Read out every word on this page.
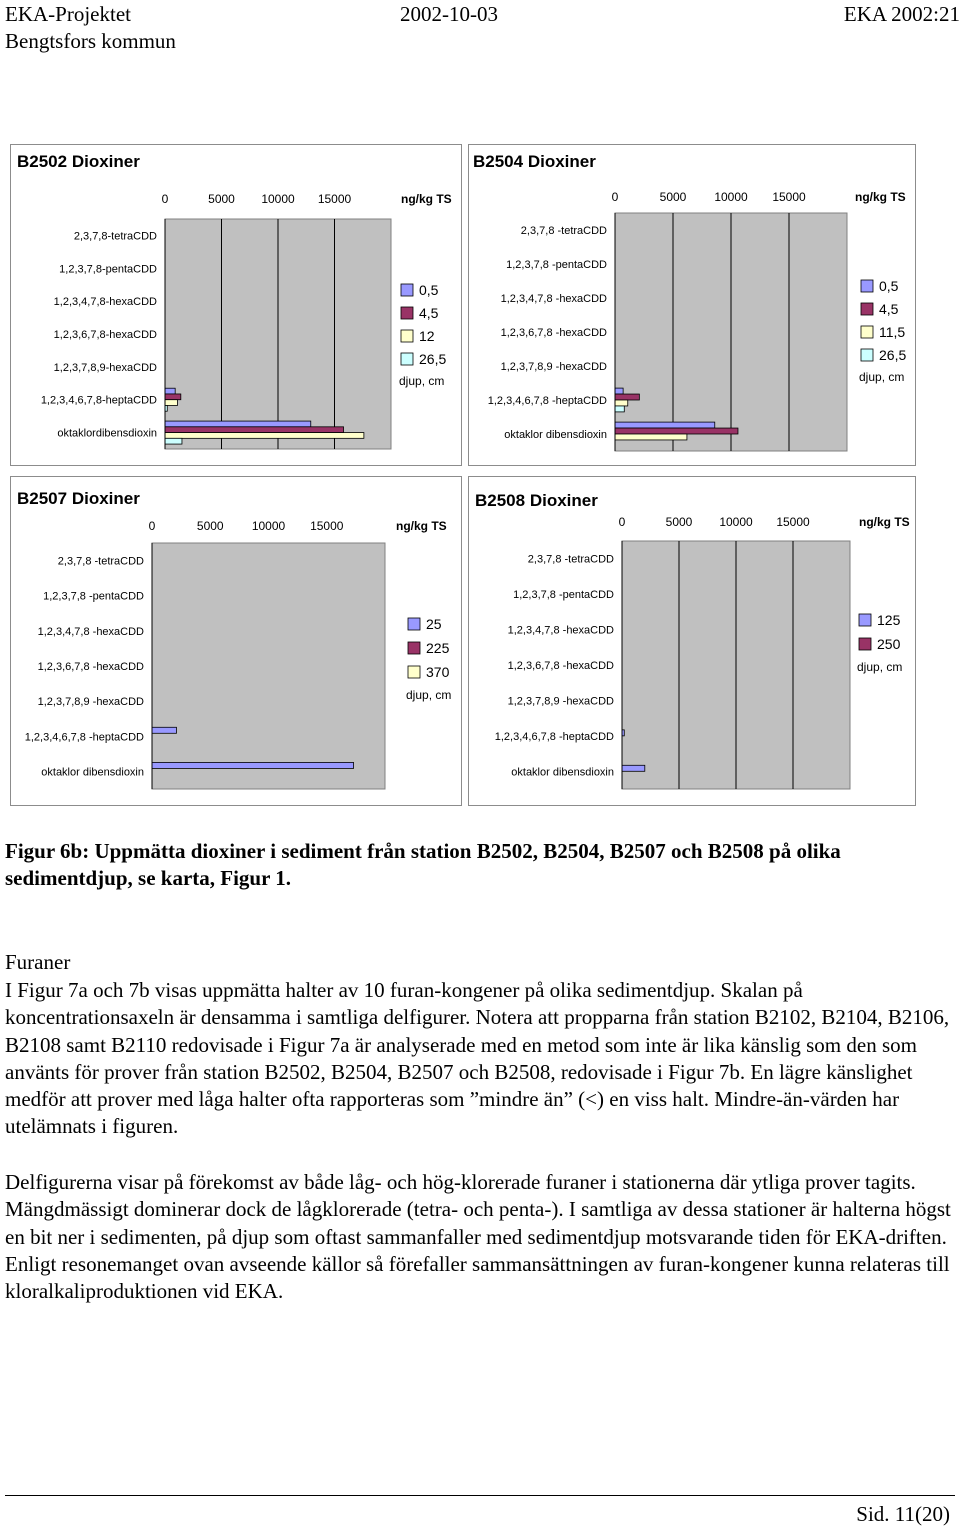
EKA-Projektet
Bengtsfors kommun
2002-10-03	EKA 2002:21
B2502 Dioxiner
0	5000 10000 15000	ng/kg TS
2,3,7,8-tetraCDD
1,2,3,7,8-pentaCDD
1,2,3,4,7,8-hexaCDD
1,2,3,6,7,8-hexaCDD
1,2,3,7,8,9-hexaCDD
1,2,3,4,6,7,8-heptaCDD
oktaklordibensdioxin
0,5
4,5
12
26,5
djup, cm
B2504 Dioxiner
0	5000 10000 15000	ng/kg TS
2,3,7,8 -tetraCDD
1,2,3,7,8 -pentaCDD
1,2,3,4,7,8 -hexaCDD
1,2,3,6,7,8 -hexaCDD
1,2,3,7,8,9 -hexaCDD
1,2,3,4,6,7,8 -heptaCDD
oktaklor dibensdioxin
0,5
4,5
11,5
26,5
djup, cm
B2507 Dioxiner
0	5000 10000 15000	ng/kg TS
2,3,7,8 -tetraCDD
1,2,3,7,8 -pentaCDD
1,2,3,4,7,8 -hexaCDD
1,2,3,6,7,8 -hexaCDD
1,2,3,7,8,9 -hexaCDD
1,2,3,4,6,7,8 -heptaCDD
oktaklor dibensdioxin
25
225
370
djup, cm
B2508 Dioxiner
0	5000 10000 15000	ng/kg TS
2,3,7,8 -tetraCDD
1,2,3,7,8 -pentaCDD
1,2,3,4,7,8 -hexaCDD
1,2,3,6,7,8 -hexaCDD
1,2,3,7,8,9 -hexaCDD
1,2,3,4,6,7,8 -heptaCDD
oktaklor dibensdioxin
125
250
djup, cm
Figur 6b: Uppmätta dioxiner i sediment från station B2502, B2504, B2507 och B2508 på olika sedimentdjup, se karta, Figur 1.
Furaner
I Figur 7a och 7b visas uppmätta halter av 10 furan-kongener på olika sedimentdjup. Skalan på koncentrationsaxeln är densamma i samtliga delfigurer. Notera att propparna från station B2102, B2104, B2106, B2108 samt B2110 redovisade i Figur 7a är analyserade med en metod som inte är lika känslig som den som använts för prover från station B2502, B2504, B2507 och B2508, redovisade i Figur 7b. En lägre känslighet medför att prover med låga halter ofta rapporteras som ”mindre än” (<) en viss halt. Mindre-än-värden har utelämnats i figuren.
Delfigurerna visar på förekomst av både låg- och hög-klorerade furaner i stationerna där ytliga prover tagits. Mängdmässigt dominerar dock de lågklorerade (tetra- och penta-). I samtliga av dessa stationer är halterna högst en bit ner i sedimenten, på djup som oftast sammanfaller med sedimentdjup motsvarande tiden för EKA-driften. Enligt resonemanget ovan avseende källor så förefaller sammansättningen av furan-kongener kunna relateras till kloralkaliproduktionen vid EKA.
Sid. 11(20)
